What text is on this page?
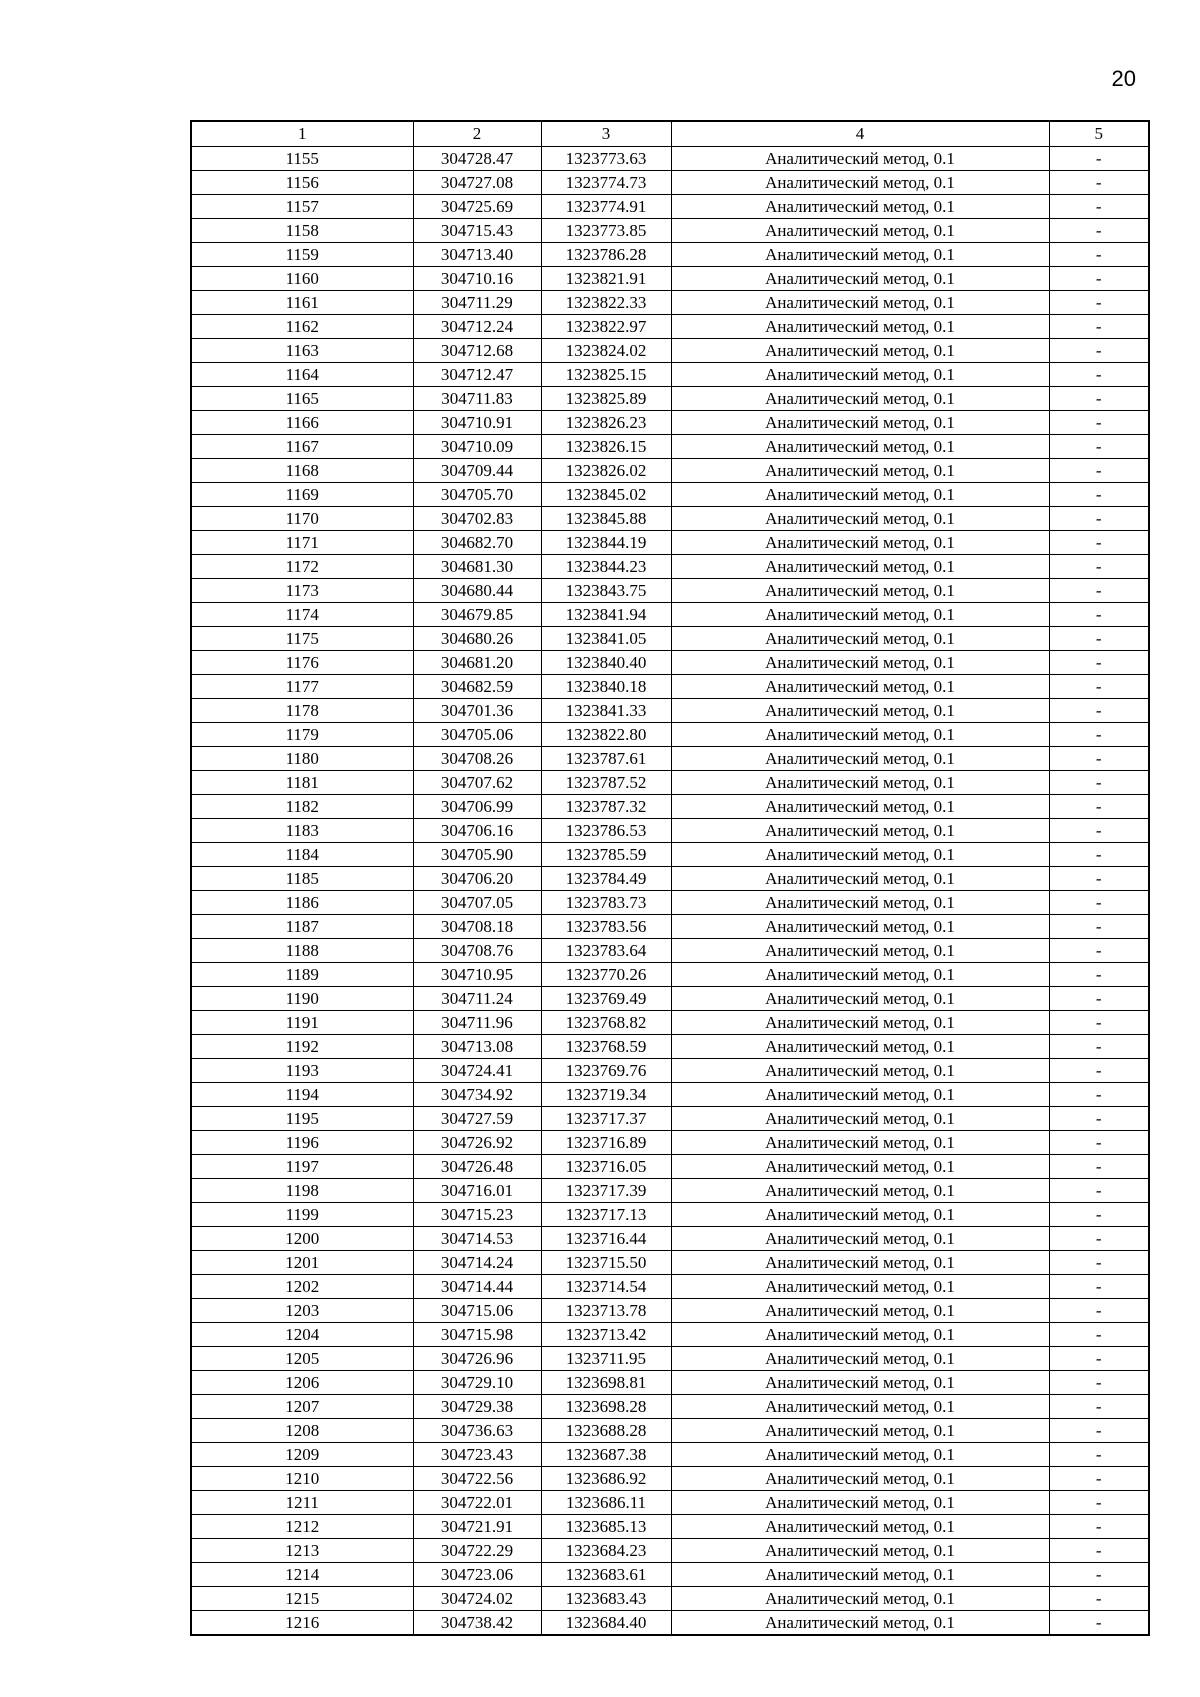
20
1	2	3	4	5
1155	304728.47	1323773.63	Аналитический метод, 0.1	-
1156	304727.08	1323774.73	Аналитический метод, 0.1	-
1157	304725.69	1323774.91	Аналитический метод, 0.1	-
1158	304715.43	1323773.85	Аналитический метод, 0.1	-
1159	304713.40	1323786.28	Аналитический метод, 0.1	-
1160	304710.16	1323821.91	Аналитический метод, 0.1	-
1161	304711.29	1323822.33	Аналитический метод, 0.1	-
1162	304712.24	1323822.97	Аналитический метод, 0.1	-
1163	304712.68	1323824.02	Аналитический метод, 0.1	-
1164	304712.47	1323825.15	Аналитический метод, 0.1	-
1165	304711.83	1323825.89	Аналитический метод, 0.1	-
1166	304710.91	1323826.23	Аналитический метод, 0.1	-
1167	304710.09	1323826.15	Аналитический метод, 0.1	-
1168	304709.44	1323826.02	Аналитический метод, 0.1	-
1169	304705.70	1323845.02	Аналитический метод, 0.1	-
1170	304702.83	1323845.88	Аналитический метод, 0.1	-
1171	304682.70	1323844.19	Аналитический метод, 0.1	-
1172	304681.30	1323844.23	Аналитический метод, 0.1	-
1173	304680.44	1323843.75	Аналитический метод, 0.1	-
1174	304679.85	1323841.94	Аналитический метод, 0.1	-
1175	304680.26	1323841.05	Аналитический метод, 0.1	-
1176	304681.20	1323840.40	Аналитический метод, 0.1	-
1177	304682.59	1323840.18	Аналитический метод, 0.1	-
1178	304701.36	1323841.33	Аналитический метод, 0.1	-
1179	304705.06	1323822.80	Аналитический метод, 0.1	-
1180	304708.26	1323787.61	Аналитический метод, 0.1	-
1181	304707.62	1323787.52	Аналитический метод, 0.1	-
1182	304706.99	1323787.32	Аналитический метод, 0.1	-
1183	304706.16	1323786.53	Аналитический метод, 0.1	-
1184	304705.90	1323785.59	Аналитический метод, 0.1	-
1185	304706.20	1323784.49	Аналитический метод, 0.1	-
1186	304707.05	1323783.73	Аналитический метод, 0.1	-
1187	304708.18	1323783.56	Аналитический метод, 0.1	-
1188	304708.76	1323783.64	Аналитический метод, 0.1	-
1189	304710.95	1323770.26	Аналитический метод, 0.1	-
1190	304711.24	1323769.49	Аналитический метод, 0.1	-
1191	304711.96	1323768.82	Аналитический метод, 0.1	-
1192	304713.08	1323768.59	Аналитический метод, 0.1	-
1193	304724.41	1323769.76	Аналитический метод, 0.1	-
1194	304734.92	1323719.34	Аналитический метод, 0.1	-
1195	304727.59	1323717.37	Аналитический метод, 0.1	-
1196	304726.92	1323716.89	Аналитический метод, 0.1	-
1197	304726.48	1323716.05	Аналитический метод, 0.1	-
1198	304716.01	1323717.39	Аналитический метод, 0.1	-
1199	304715.23	1323717.13	Аналитический метод, 0.1	-
1200	304714.53	1323716.44	Аналитический метод, 0.1	-
1201	304714.24	1323715.50	Аналитический метод, 0.1	-
1202	304714.44	1323714.54	Аналитический метод, 0.1	-
1203	304715.06	1323713.78	Аналитический метод, 0.1	-
1204	304715.98	1323713.42	Аналитический метод, 0.1	-
1205	304726.96	1323711.95	Аналитический метод, 0.1	-
1206	304729.10	1323698.81	Аналитический метод, 0.1	-
1207	304729.38	1323698.28	Аналитический метод, 0.1	-
1208	304736.63	1323688.28	Аналитический метод, 0.1	-
1209	304723.43	1323687.38	Аналитический метод, 0.1	-
1210	304722.56	1323686.92	Аналитический метод, 0.1	-
1211	304722.01	1323686.11	Аналитический метод, 0.1	-
1212	304721.91	1323685.13	Аналитический метод, 0.1	-
1213	304722.29	1323684.23	Аналитический метод, 0.1	-
1214	304723.06	1323683.61	Аналитический метод, 0.1	-
1215	304724.02	1323683.43	Аналитический метод, 0.1	-
1216	304738.42	1323684.40	Аналитический метод, 0.1	-
